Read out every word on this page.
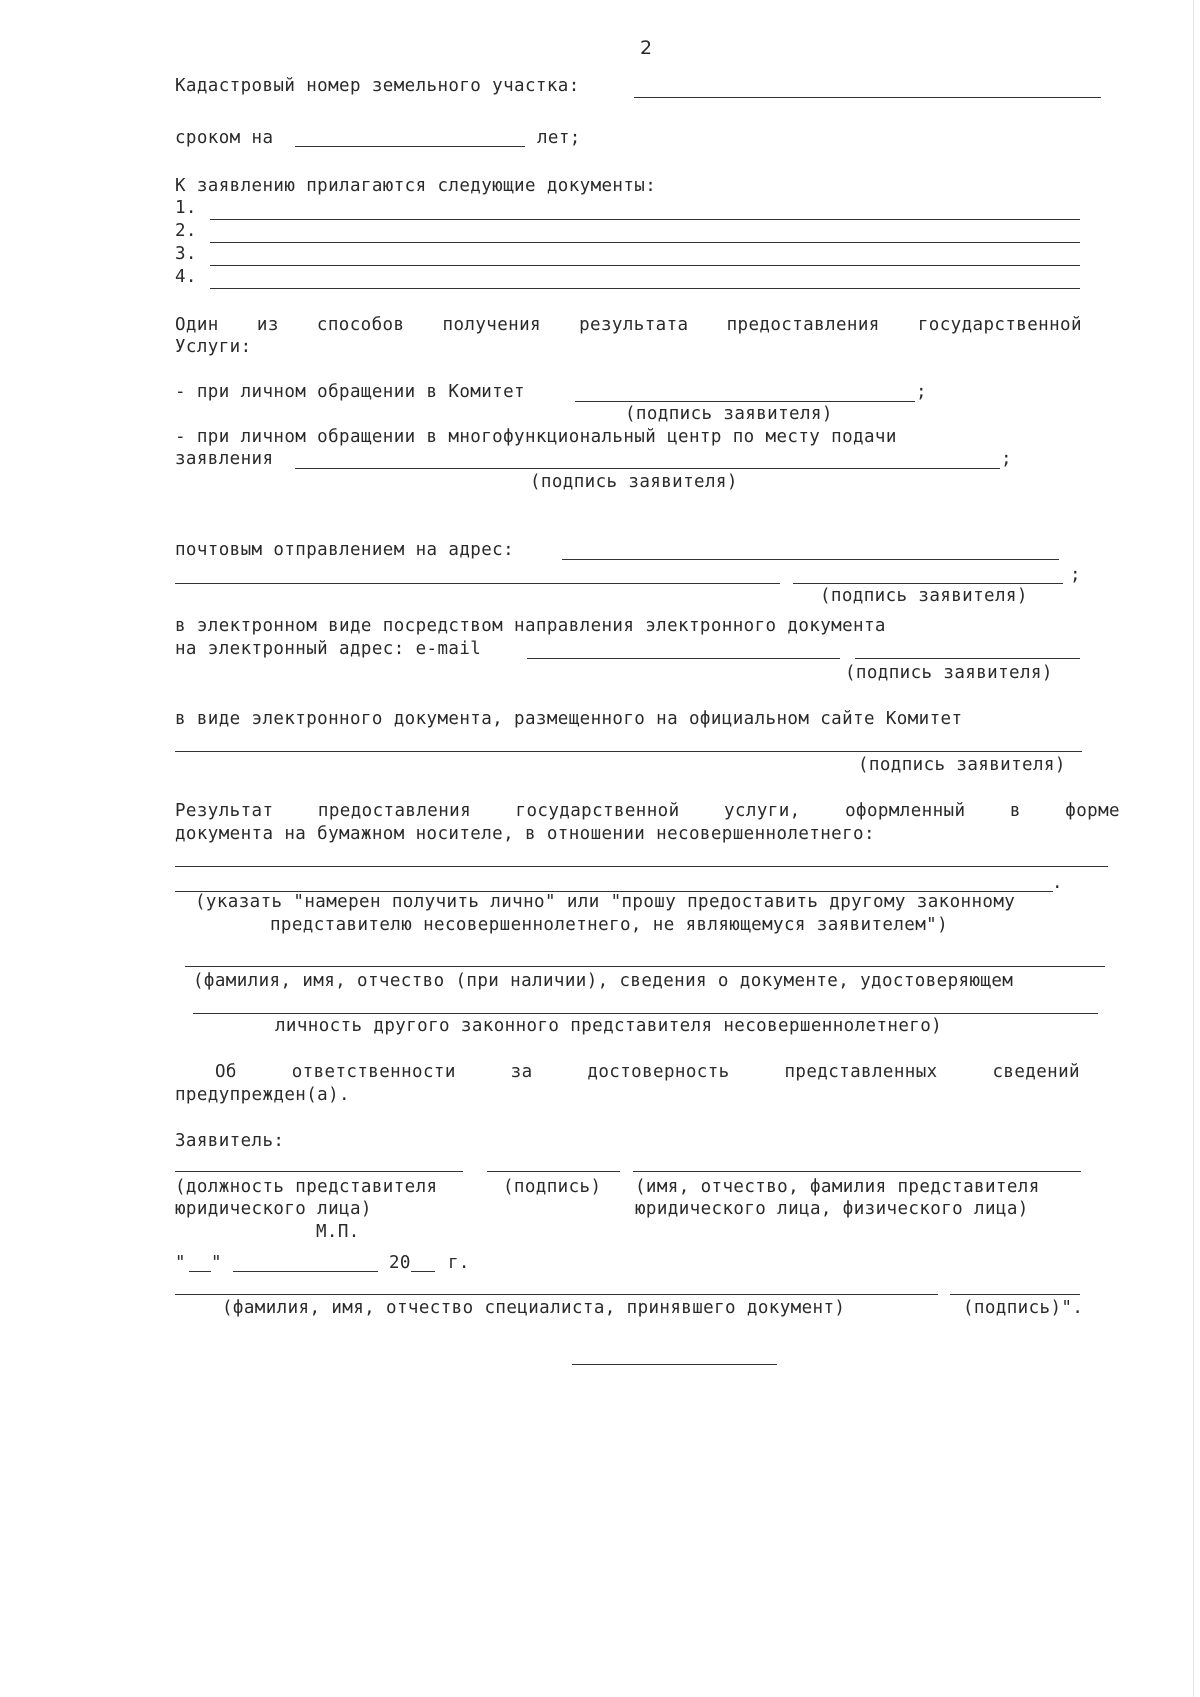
2
Кадастровый номер земельного участка:
сроком на	лет;
К заявлению прилагаются следующие документы:
1.
2.
3.
4.
Один из способов получения результата предоставления государственной
Услуги:
- при личном обращении в Комитет	;
(подпись заявителя)
- при личном обращении в многофункциональный центр по месту подачи
заявления	;
(подпись заявителя)
почтовым отправлением на адрес:
;
(подпись заявителя)
в электронном виде посредством направления электронного документа
на электронный адрес: e-mail
(подпись заявителя)
в виде электронного документа, размещенного на официальном сайте Комитет
(подпись заявителя)
Результат	предоставления	государственной	услуги,	оформленный	в	форме
документа на бумажном носителе, в отношении несовершеннолетнего:
.
(указать "намерен получить лично" или "прошу предоставить другому законному
представителю несовершеннолетнего, не являющемуся заявителем")
(фамилия, имя, отчество (при наличии), сведения о документе, удостоверяющем
личность другого законного представителя несовершеннолетнего)
Об	ответственности	за	достоверность	представленных	сведений
предупрежден(а).
Заявитель:
(должность представителя
юридического лица)
(подпись) (имя, отчество, фамилия представителя
юридического лица, физического лица)
М.П.
" "	20 г.
(фамилия, имя, отчество специалиста, принявшего документ)	(подпись)".
